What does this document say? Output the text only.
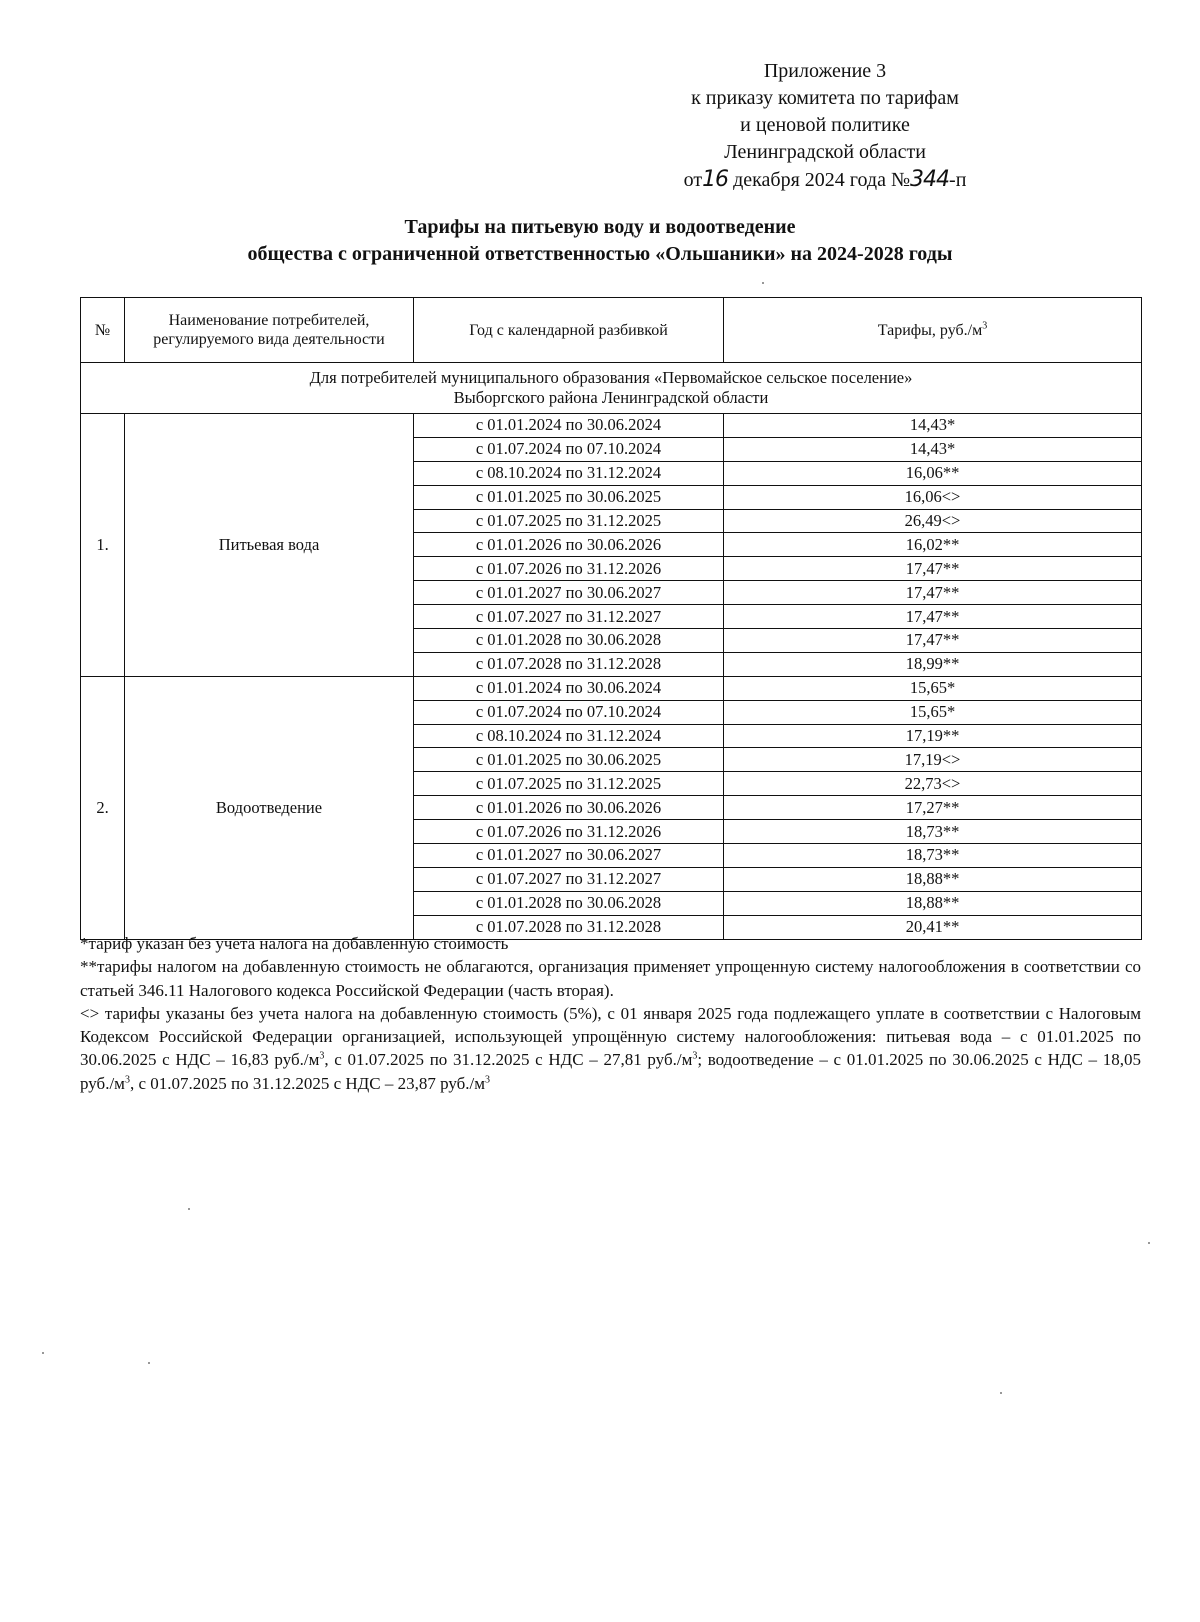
Приложение 3
к приказу комитета по тарифам
и ценовой политике
Ленинградской области
от16 декабря 2024 года №344-п
Тарифы на питьевую воду и водоотведение
общества с ограниченной ответственностью «Ольшаники» на 2024-2028 годы
№	Наименование потребителей, регулируемого вида деятельности	Год с календарной разбивкой	Тарифы, $руб./м^3$

Для потребителей муниципального образования «Первомайское сельское поселение»
Выборгского района Ленинградской области			

1.	Питьевая вода	с 01.01.2024 по 30.06.2024	14,43*
		с 01.07.2024 по 07.10.2024	14,43*
		с 08.10.2024 по 31.12.2024	16,06**
		с 01.01.2025 по 30.06.2025	16,06<>
		с 01.07.2025 по 31.12.2025	26,49<>
		с 01.01.2026 по 30.06.2026	16,02**
		с 01.07.2026 по 31.12.2026	17,47**
		с 01.01.2027 по 30.06.2027	17,47**
		с 01.07.2027 по 31.12.2027	17,47**
		с 01.01.2028 по 30.06.2028	17,47**
		с 01.07.2028 по 31.12.2028	18,99**
2.	Водоотведение	с 01.01.2024 по 30.06.2024	15,65*
		с 01.07.2024 по 07.10.2024	15,65*
		с 08.10.2024 по 31.12.2024	17,19**
		с 01.01.2025 по 30.06.2025	17,19<>
		с 01.07.2025 по 31.12.2025	22,73<>
		с 01.01.2026 по 30.06.2026	17,27**
		с 01.07.2026 по 31.12.2026	18,73**
		с 01.01.2027 по 30.06.2027	18,73**
		с 01.07.2027 по 31.12.2027	18,88**
		с 01.01.2028 по 30.06.2028	18,88**
		с 01.07.2028 по 31.12.2028	20,41**

*тариф указан без учета налога на добавленную стоимость

**тарифы налогом на добавленную стоимость не облагаются, организация применяет упрощенную систему налогообложения в соответствии со статьей 346.11 Налогового кодекса Российской Федерации (часть вторая).

<> тарифы указаны без учета налога на добавленную стоимость (5%), с 01 января 2025 года подлежащего уплате в соответствии с Налоговым Кодексом Российской Федерации организацией, использующей упрощённую систему налогообложения: питьевая вода – с 01.01.2025 по 30.06.2025 с НДС – 16,83 $руб./м^3$, с 01.07.2025 по 31.12.2025 с НДС – 27,81 $руб./м^3$; водоотведение – с 01.01.2025 по 30.06.2025 с НДС – 18,05 $руб./м^3$, с 01.07.2025 по 31.12.2025 с НДС – 23,87 $руб./м^3$
